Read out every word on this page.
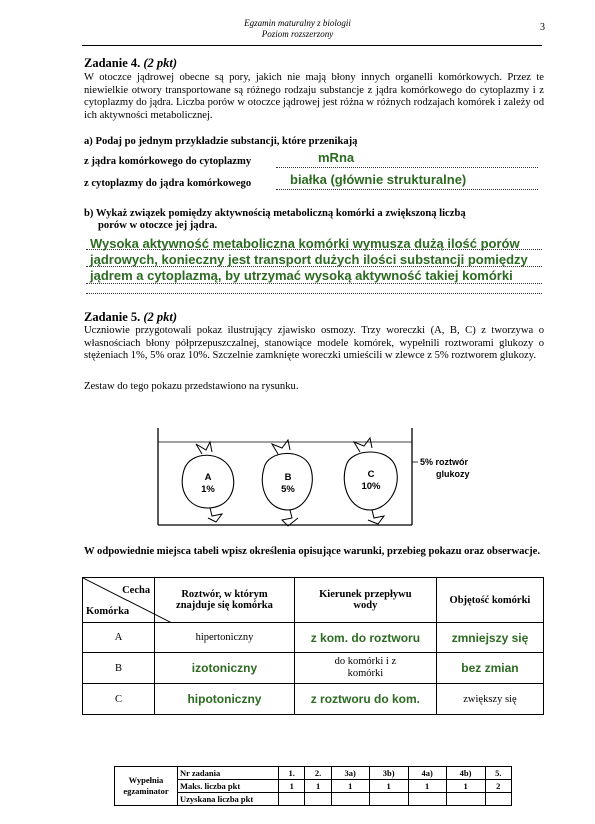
Egzamin maturalny z biologii
Poziom rozszerzony
3
Zadanie 4. (2 pkt)
W otoczce jądrowej obecne są pory, jakich nie mają błony innych organelli komórkowych. Przez te niewielkie otwory transportowane są różnego rodzaju substancje z jądra komórkowego do cytoplazmy i z cytoplazmy do jądra. Liczba porów w otoczce jądrowej jest różna w różnych rodzajach komórek i zależy od ich aktywności metabolicznej.
a) Podaj po jednym przykładzie substancji, które przenikają
z jądra komórkowego do cytoplazmy	mRna
z cytoplazmy do jądra komórkowego	białka (głównie strukturalne)
b) Wykaż związek pomiędzy aktywnością metaboliczną komórki a zwiększoną liczbą
porów w otoczce jej jądra.
Wysoka aktywność metaboliczna komórki wymusza dużą ilość porów
jądrowych, konieczny jest transport dużych ilości substancji pomiędzy
jądrem a cytoplazmą, by utrzymać wysoką aktywność takiej komórki
Zadanie 5. (2 pkt)
Uczniowie przygotowali pokaz ilustrujący zjawisko osmozy. Trzy woreczki (A, B, C) z tworzywa o własnościach błony półprzepuszczalnej, stanowiące modele komórek, wypełnili roztworami glukozy o stężeniach 1%, 5% oraz 10%. Szczelnie zamknięte woreczki umieścili w zlewce z 5% roztworem glukozy.
Zestaw do tego pokazu przedstawiono na rysunku.
A
1%
B
5%
C
10%
5% roztwór
glukozy
W odpowiednie miejsca tabeli wpisz określenia opisujące warunki, przebieg pokazu oraz obserwacje.
Cecha
Komórka	Roztwór, w którym znajduje się komórka	Kierunek przepływu wody	Objętość komórki
A	hipertoniczny	z kom. do roztworu	zmniejszy się
B	izotoniczny	do komórki i z komórki	bez zmian
C	hipotoniczny	z roztworu do kom.	zwiększy się
Wypełnia egzaminator	Nr zadania	1.	2.	3a)	3b)	4a)	4b)	5.
	Maks. liczba pkt	1	1	1	1	1	1	2
	Uzyskana liczba pkt							
